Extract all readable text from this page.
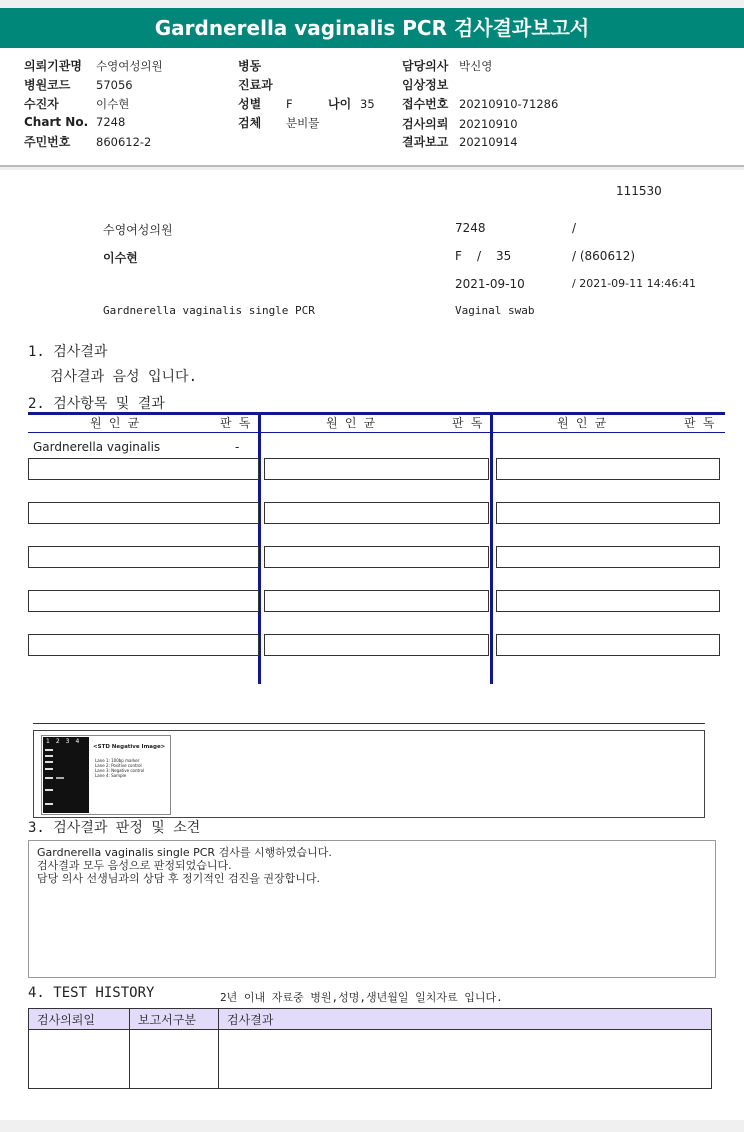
Gardnerella vaginalis PCR 검사결과보고서
의뢰기관명 수영여성의원
병원코드 57056
수진자	이수현
Chart No. 7248
주민번호 860612-2
병동
진료과
성별 F	나이 35
검체 분비물
담당의사 박신영
임상정보
접수번호 20210910-71286
검사의뢰 20210910
결과보고 20210914
111530
수영여성의원	7248	/
이수현	F / 35	/ (860612)
2021-09-10	/ 2021-09-11 14:46:41
Gardnerella vaginalis single PCR	Vaginal swab
1. 검사결과
검사결과 음성 입니다.
2. 검사항목 및 결과
원 인 균	판 독	원 인 균	판 독	원 인 균	판 독
Gardnerella vaginalis	-
1234
<STD Negative Image>
Lane 1: 100bp marker
Lane 2: Positive control
Lane 3: Negative control
Lane 4: Sample
3. 검사결과 판정 및 소견
Gardnerella vaginalis single PCR 검사를 시행하였습니다.
검사결과 모두 음성으로 판정되었습니다.
담당 의사 선생님과의 상담 후 정기적인 검진을 권장합니다.
4. TEST HISTORY	2년 이내 자료중 병원,성명,생년월일 일치자료 입니다.
검사의뢰일	보고서구분	검사결과
